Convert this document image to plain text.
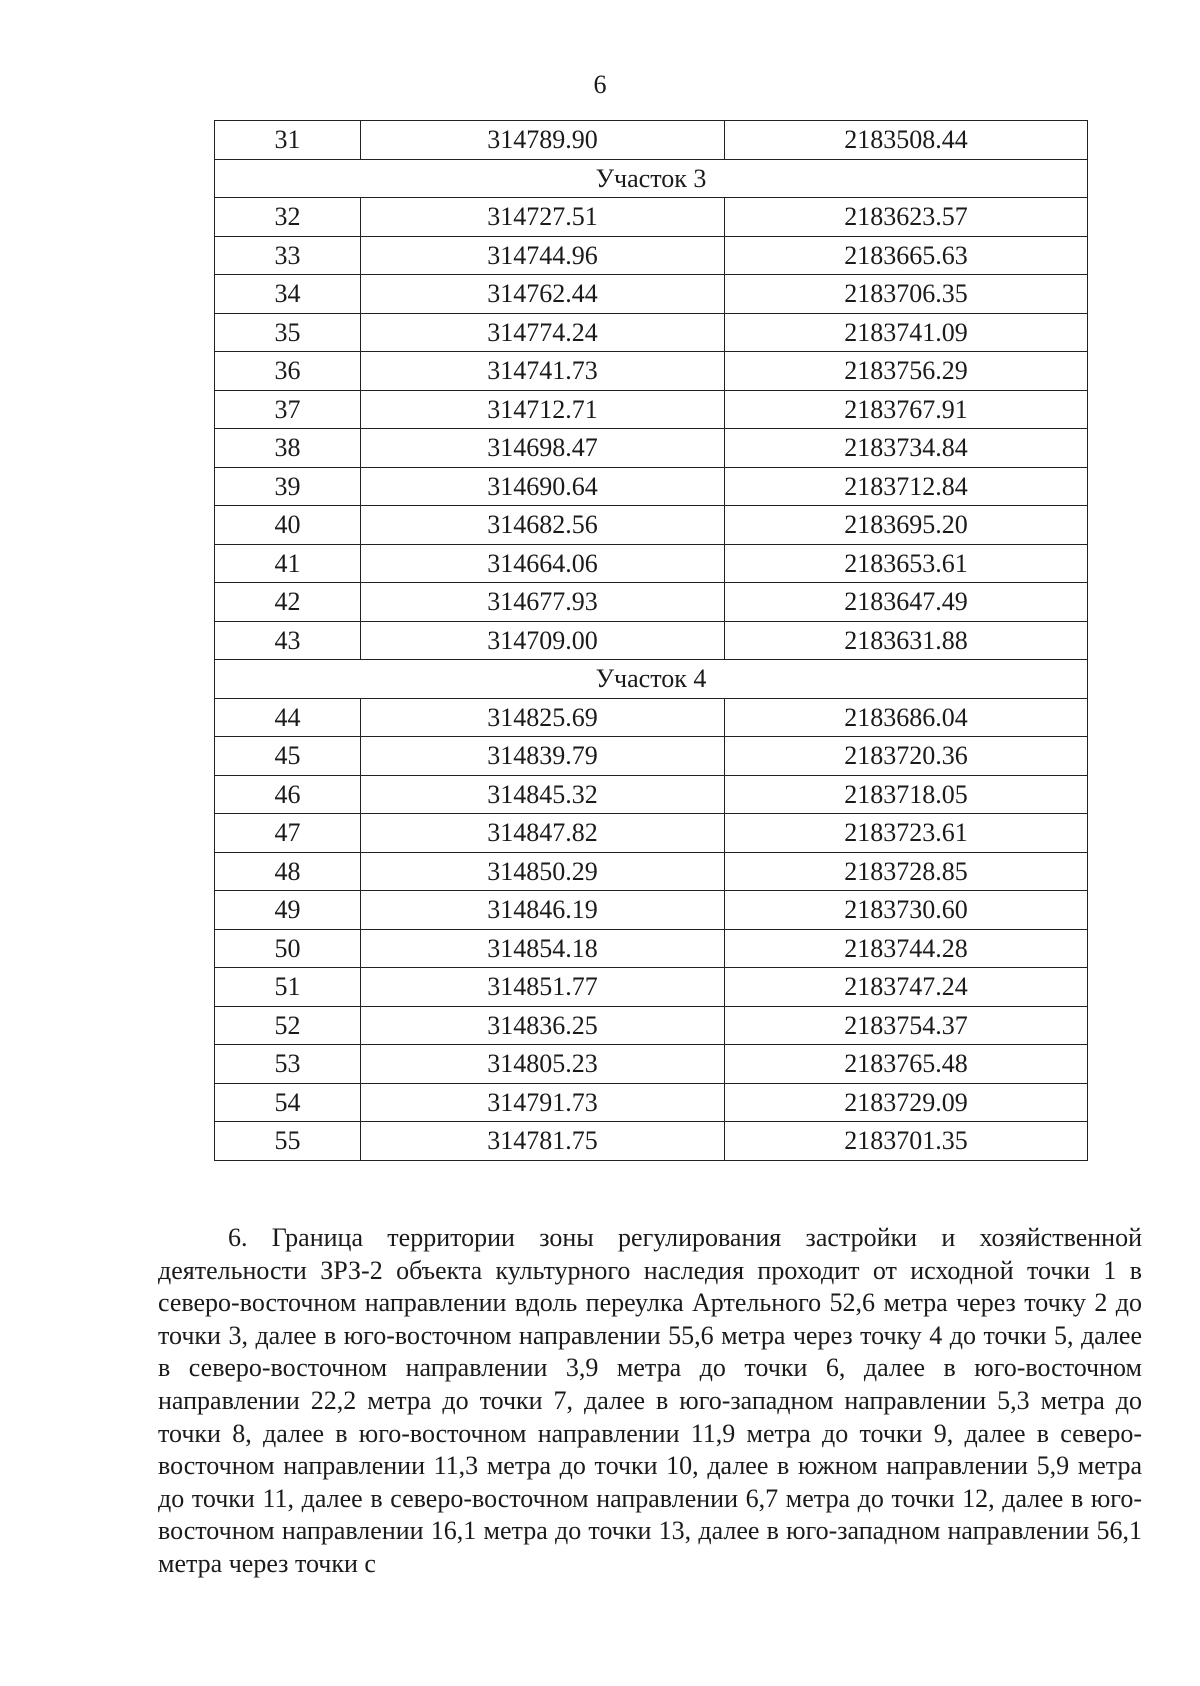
6
31	314789.90	2183508.44
Участок 3		
32	314727.51	2183623.57
33	314744.96	2183665.63
34	314762.44	2183706.35
35	314774.24	2183741.09
36	314741.73	2183756.29
37	314712.71	2183767.91
38	314698.47	2183734.84
39	314690.64	2183712.84
40	314682.56	2183695.20
41	314664.06	2183653.61
42	314677.93	2183647.49
43	314709.00	2183631.88
Участок 4		
44	314825.69	2183686.04
45	314839.79	2183720.36
46	314845.32	2183718.05
47	314847.82	2183723.61
48	314850.29	2183728.85
49	314846.19	2183730.60
50	314854.18	2183744.28
51	314851.77	2183747.24
52	314836.25	2183754.37
53	314805.23	2183765.48
54	314791.73	2183729.09
55	314781.75	2183701.35

6. Граница территории зоны регулирования застройки и хозяйственной деятельности ЗРЗ-2 объекта культурного наследия проходит от исходной точки 1 в северо-восточном направлении вдоль переулка Артельного 52,6 метра через точку 2 до точки 3, далее в юго-восточном направлении 55,6 метра через точку 4 до точки 5, далее в северо-восточном направлении 3,9 метра до точки 6, далее в юго-восточном направлении 22,2 метра до точки 7, далее в юго-западном направлении 5,3 метра до точки 8, далее в юго-восточном направлении 11,9 метра до точки 9, далее в северо-восточном направлении 11,3 метра до точки 10, далее в южном направлении 5,9 метра до точки 11, далее в северо-восточном направлении 6,7 метра до точки 12, далее в юго-восточном направлении 16,1 метра до точки 13, далее в юго-западном направлении 56,1 метра через точки с
